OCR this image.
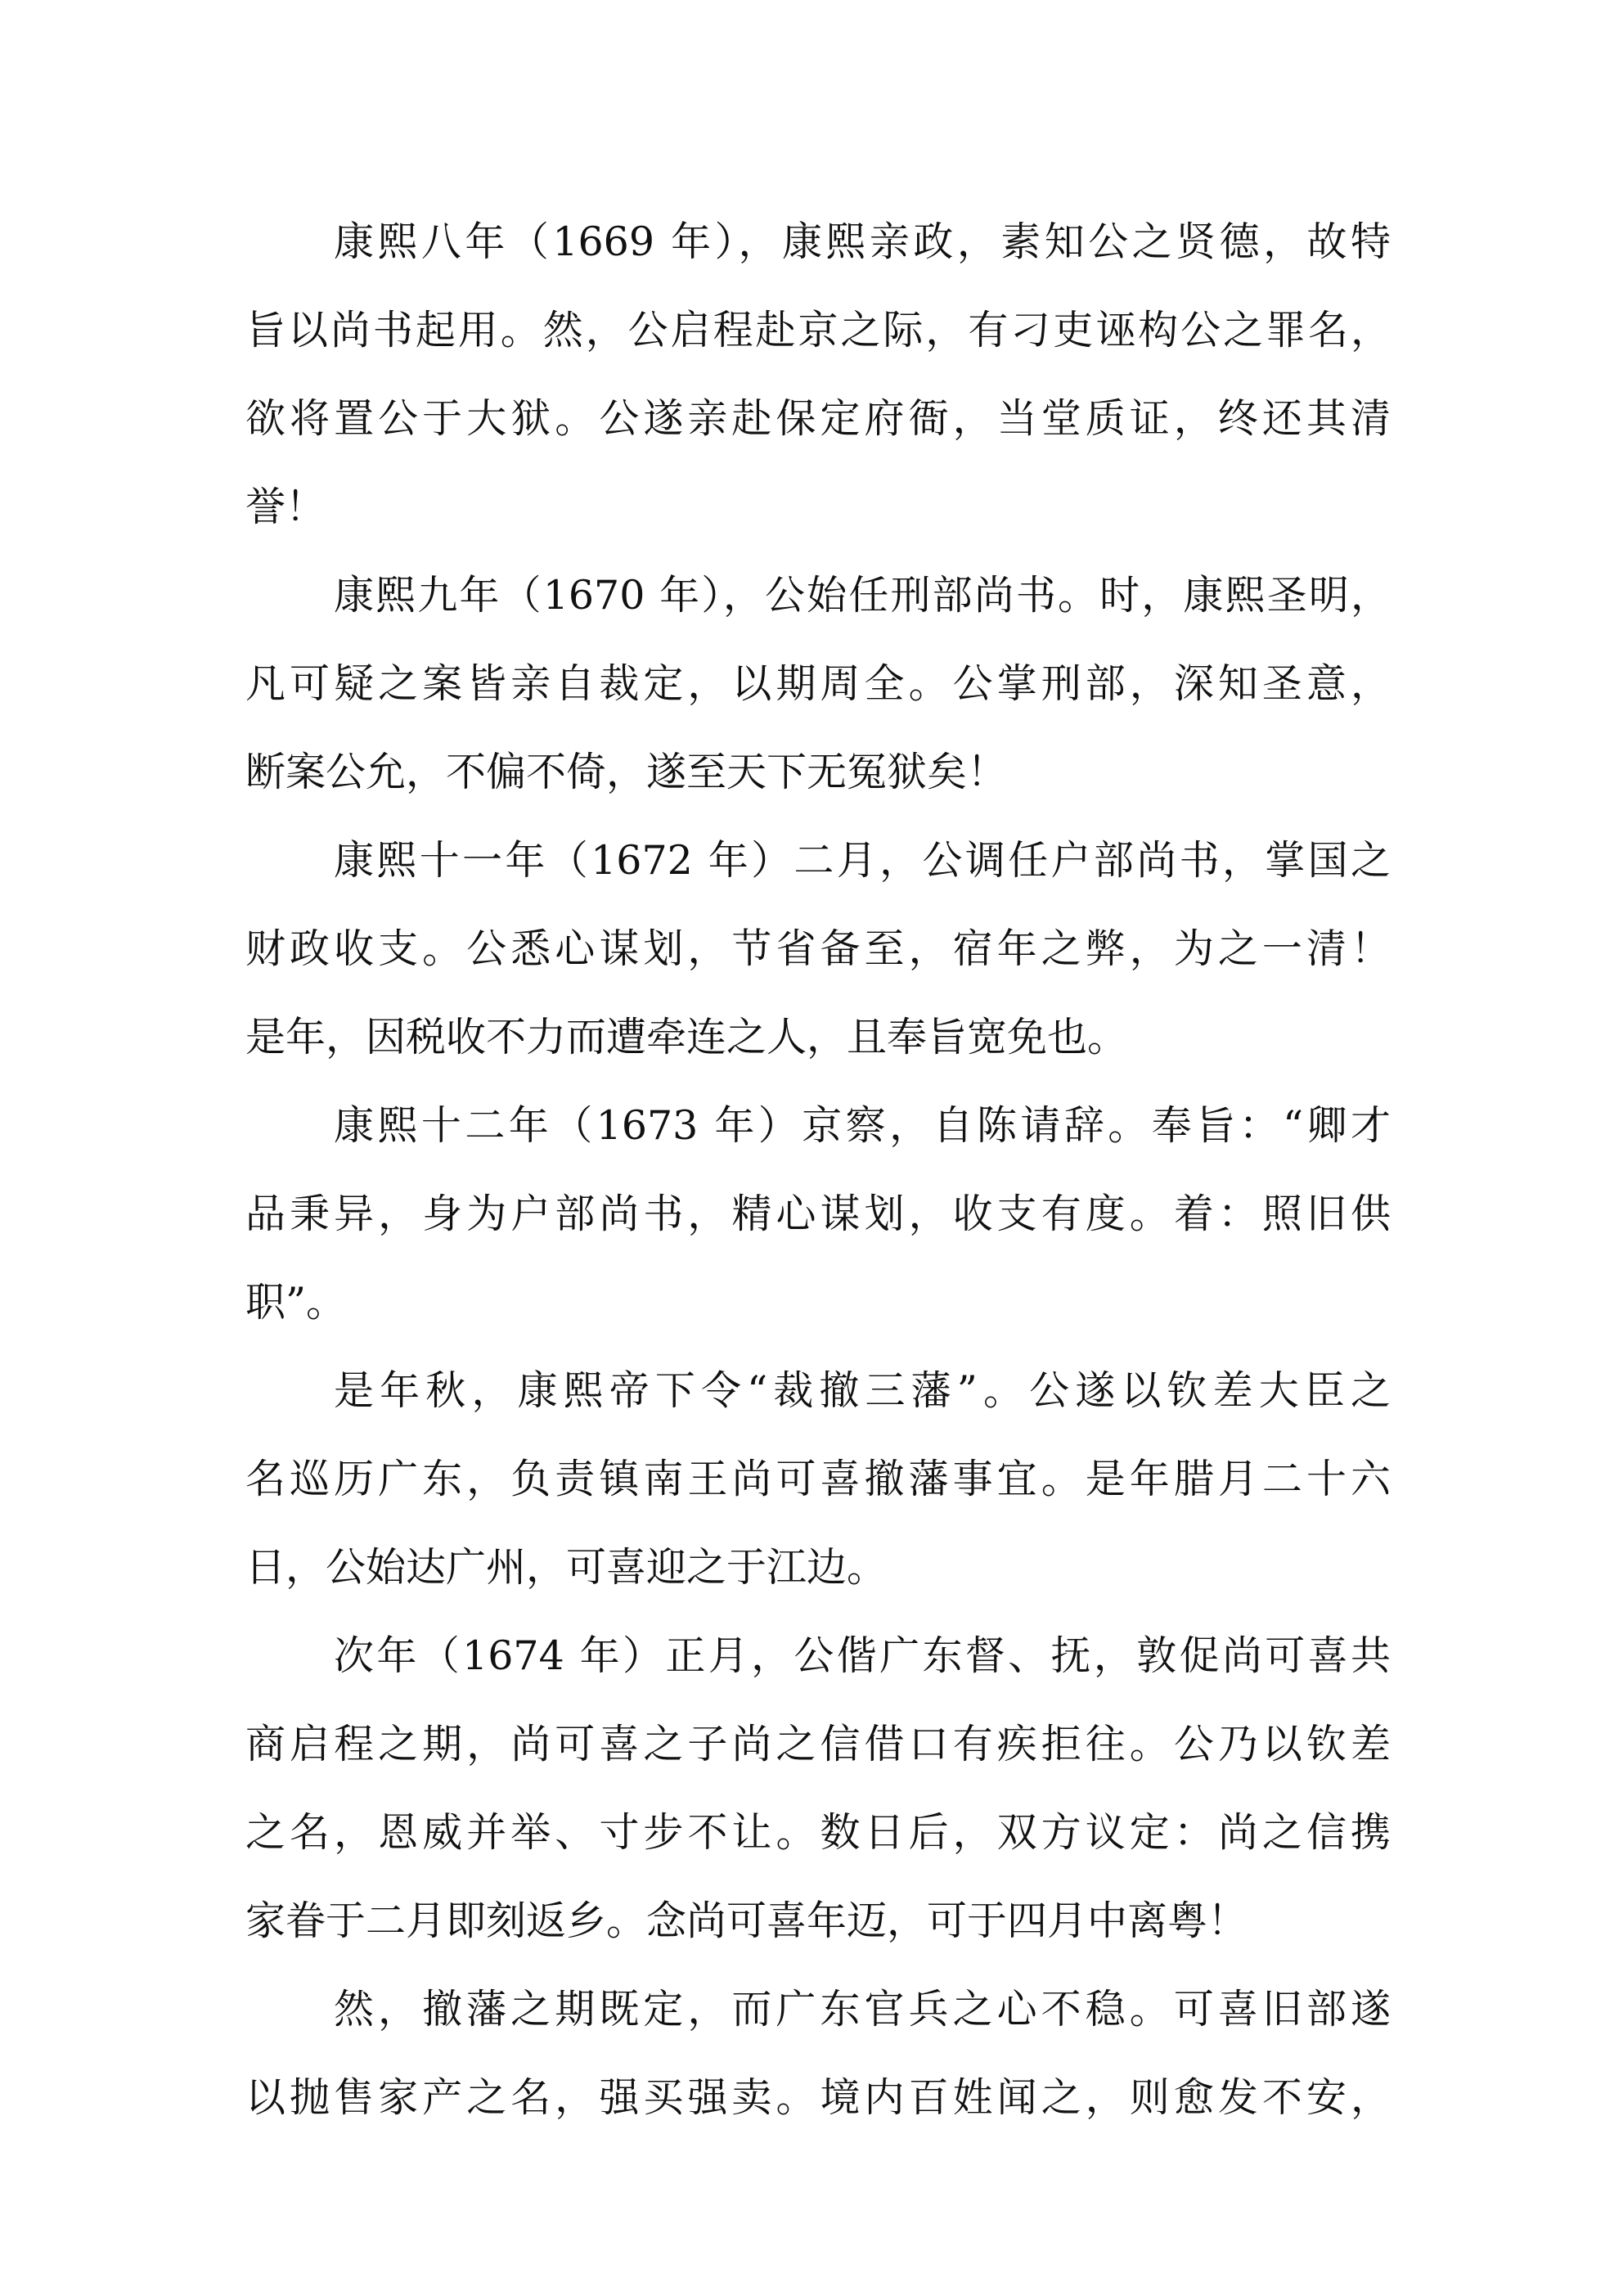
康熙八年（1669 年），康熙亲政，素知公之贤德，故特
旨以尚书起用。然，公启程赴京之际，有刁吏诬构公之罪名，
欲将置公于大狱。公遂亲赴保定府衙，当堂质证，终还其清
誉！
康熙九年（1670 年），公始任刑部尚书。时，康熙圣明，
凡可疑之案皆亲自裁定，以期周全。公掌刑部，深知圣意，
断案公允，不偏不倚，遂至天下无冤狱矣！
康熙十一年（1672 年）二月，公调任户部尚书，掌国之
财政收支。公悉心谋划，节省备至，宿年之弊，为之一清！
是年，因税收不力而遭牵连之人，且奉旨宽免也。
康熙十二年（1673 年）京察，自陈请辞。奉旨：“卿才
品秉异，身为户部尚书，精心谋划，收支有度。着：照旧供
职”。
是年秋，康熙帝下令“裁撤三藩”。公遂以钦差大臣之
名巡历广东，负责镇南王尚可喜撤藩事宜。是年腊月二十六
日，公始达广州，可喜迎之于江边。
次年（1674 年）正月，公偕广东督、抚，敦促尚可喜共
商启程之期，尚可喜之子尚之信借口有疾拒往。公乃以钦差
之名，恩威并举、寸步不让。数日后，双方议定：尚之信携
家眷于二月即刻返乡。念尚可喜年迈，可于四月中离粤！
然，撤藩之期既定，而广东官兵之心不稳。可喜旧部遂
以抛售家产之名，强买强卖。境内百姓闻之，则愈发不安，
